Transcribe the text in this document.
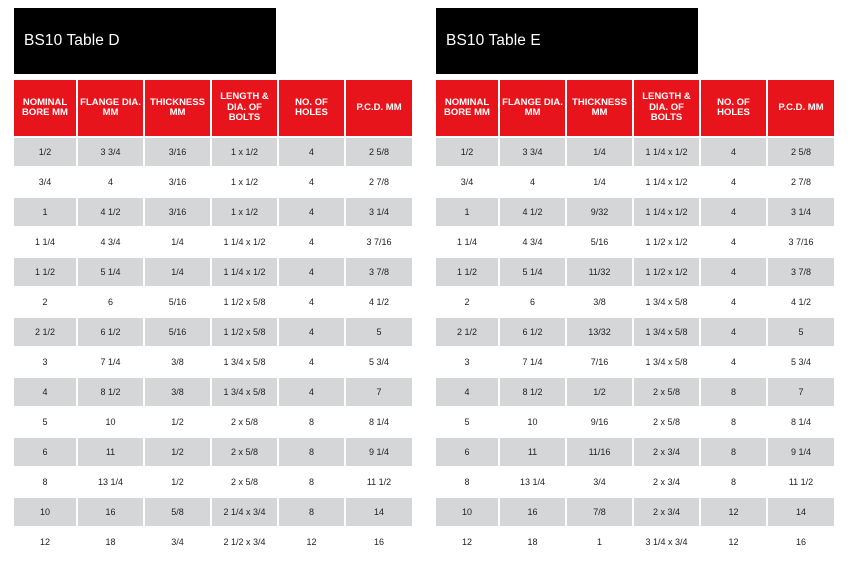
BS10 Table D
NOMINAL BORE MM	FLANGE DIA. MM	THICKNESS MM	LENGTH & DIA. OF BOLTS	NO. OF HOLES	P.C.D. MM
1/2	3 3/4	3/16	1 x 1/2	4	2 5/8
3/4	4	3/16	1 x 1/2	4	2 7/8
1	4 1/2	3/16	1 x 1/2	4	3 1/4
1 1/4	4 3/4	1/4	1 1/4 x 1/2	4	3 7/16
1 1/2	5 1/4	1/4	1 1/4 x 1/2	4	3 7/8
2	6	5/16	1 1/2 x 5/8	4	4 1/2
2 1/2	6 1/2	5/16	1 1/2 x 5/8	4	5
3	7 1/4	3/8	1 3/4 x 5/8	4	5 3/4
4	8 1/2	3/8	1 3/4 x 5/8	4	7
5	10	1/2	2 x 5/8	8	8 1/4
6	11	1/2	2 x 5/8	8	9 1/4
8	13 1/4	1/2	2 x 5/8	8	11 1/2
10	16	5/8	2 1/4 x 3/4	8	14
12	18	3/4	2 1/2 x 3/4	12	16
BS10 Table E
NOMINAL BORE MM	FLANGE DIA. MM	THICKNESS MM	LENGTH & DIA. OF BOLTS	NO. OF HOLES	P.C.D. MM
1/2	3 3/4	1/4	1 1/4 x 1/2	4	2 5/8
3/4	4	1/4	1 1/4 x 1/2	4	2 7/8
1	4 1/2	9/32	1 1/4 x 1/2	4	3 1/4
1 1/4	4 3/4	5/16	1 1/2 x 1/2	4	3 7/16
1 1/2	5 1/4	11/32	1 1/2 x 1/2	4	3 7/8
2	6	3/8	1 3/4 x 5/8	4	4 1/2
2 1/2	6 1/2	13/32	1 3/4 x 5/8	4	5
3	7 1/4	7/16	1 3/4 x 5/8	4	5 3/4
4	8 1/2	1/2	2 x 5/8	8	7
5	10	9/16	2 x 5/8	8	8 1/4
6	11	11/16	2 x 3/4	8	9 1/4
8	13 1/4	3/4	2 x 3/4	8	11 1/2
10	16	7/8	2 x 3/4	12	14
12	18	1	3 1/4 x 3/4	12	16
